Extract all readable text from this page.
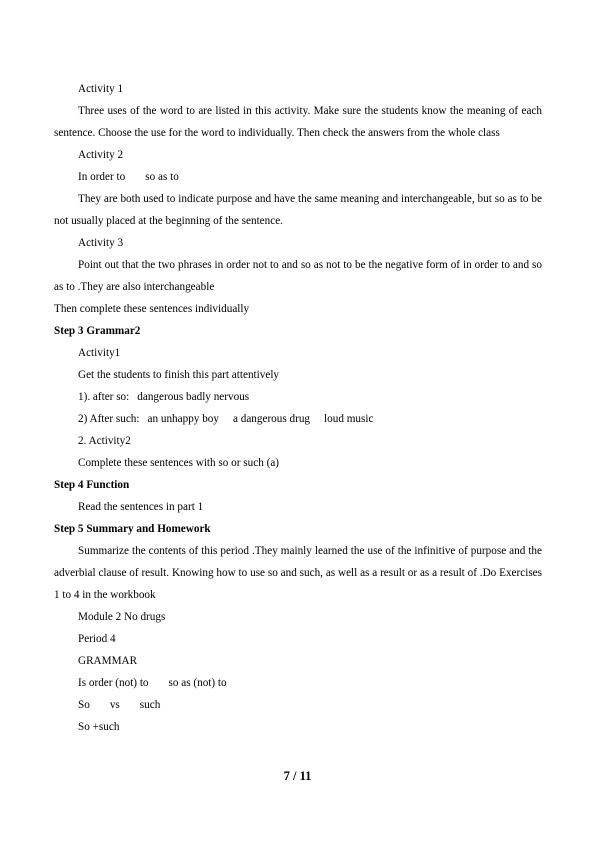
Activity 1

Three uses of the word to are listed in this activity. Make sure the students know the meaning of each sentence. Choose the use for the word to individually. Then check the answers from the whole class

Activity 2

In order to so as to

They are both used to indicate purpose and have the same meaning and interchangeable, but so as to be not usually placed at the beginning of the sentence.

Activity 3

Point out that the two phrases in order not to and so as not to be the negative form of in order to and so as to .They are also interchangeable

Then complete these sentences individually

Step 3 Grammar2

Activity1

Get the students to finish this part attentively

1). after so: dangerous badly nervous

2) After such: an unhappy boy a dangerous drug loud music

2. Activity2

Complete these sentences with so or such (a)

Step 4 Function

Read the sentences in part 1

Step 5 Summary and Homework

Summarize the contents of this period .They mainly learned the use of the infinitive of purpose and the adverbial clause of result. Knowing how to use so and such, as well as a result or as a result of .Do Exercises 1 to 4 in the workbook

Module 2 No drugs

Period 4

GRAMMAR

Is order (not) to so as (not) to

So vs such

So +such

7 / 11
